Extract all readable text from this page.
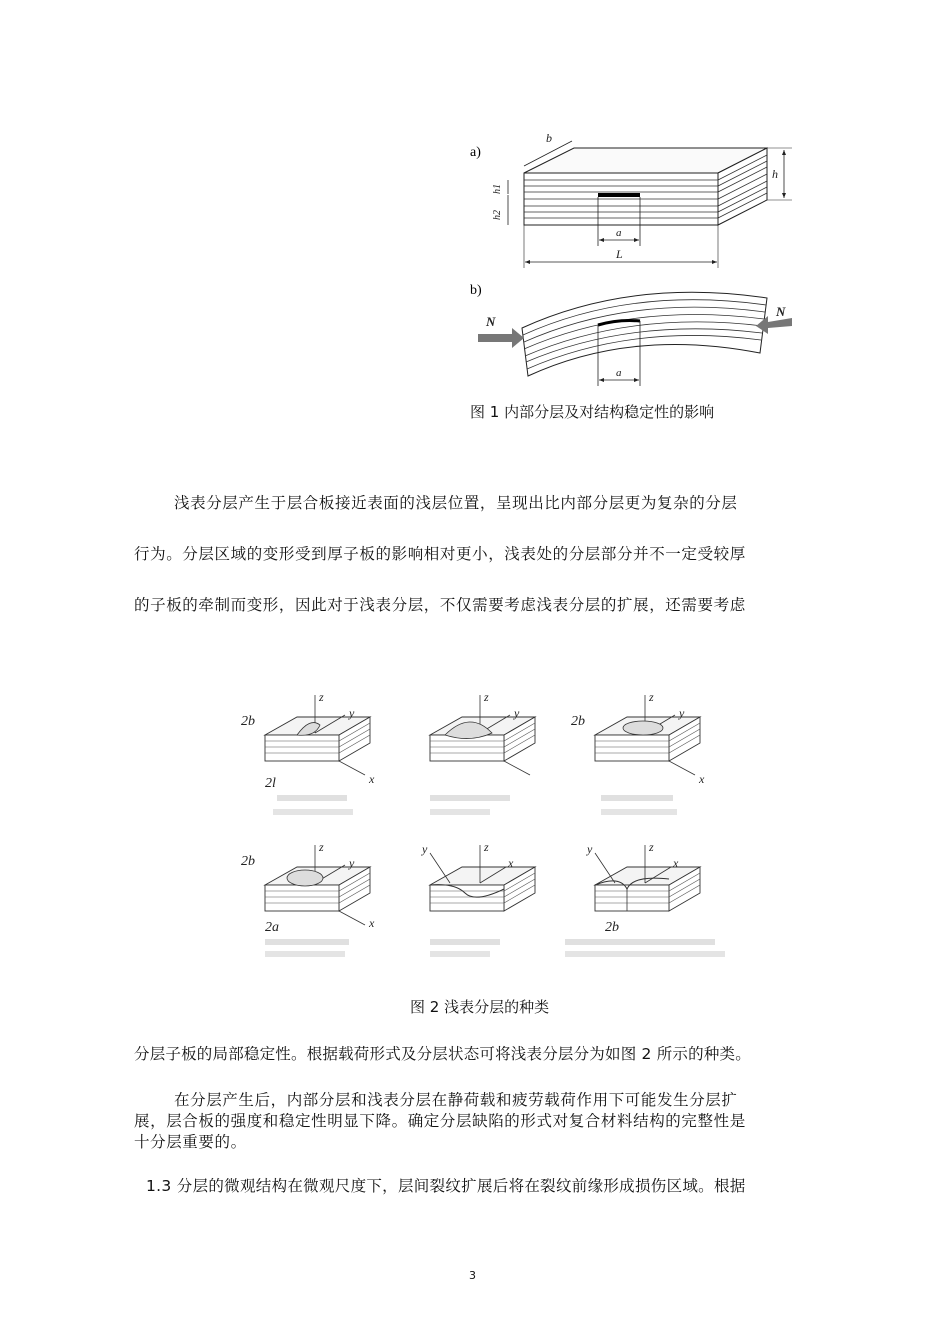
a)
a
b
h
h1
h2
L
b)
a
N
N
图 1 内部分层及对结构稳定性的影响
浅表分层产生于层合板接近表面的浅层位置，呈现出比内部分层更为复杂的分层
行为。分层区域的变形受到厚子板的影响相对更小，浅表处的分层部分并不一定受较厚
的子板的牵制而变形，因此对于浅表分层，不仅需要考虑浅表分层的扩展，还需要考虑
2b
z
y
x
2l
z
y
2b
z
y
x
2b
z
y
x
2a
y	z
x
y	z
x
2b
图 2 浅表分层的种类
分层子板的局部稳定性。根据载荷形式及分层状态可将浅表分层分为如图 2 所示的种类。
在分层产生后，内部分层和浅表分层在静荷载和疲劳载荷作用下可能发生分层扩
展，层合板的强度和稳定性明显下降。确定分层缺陷的形式对复合材料结构的完整性是
十分层重要的。
1.3 分层的微观结构在微观尺度下，层间裂纹扩展后将在裂纹前缘形成损伤区域。根据
3
